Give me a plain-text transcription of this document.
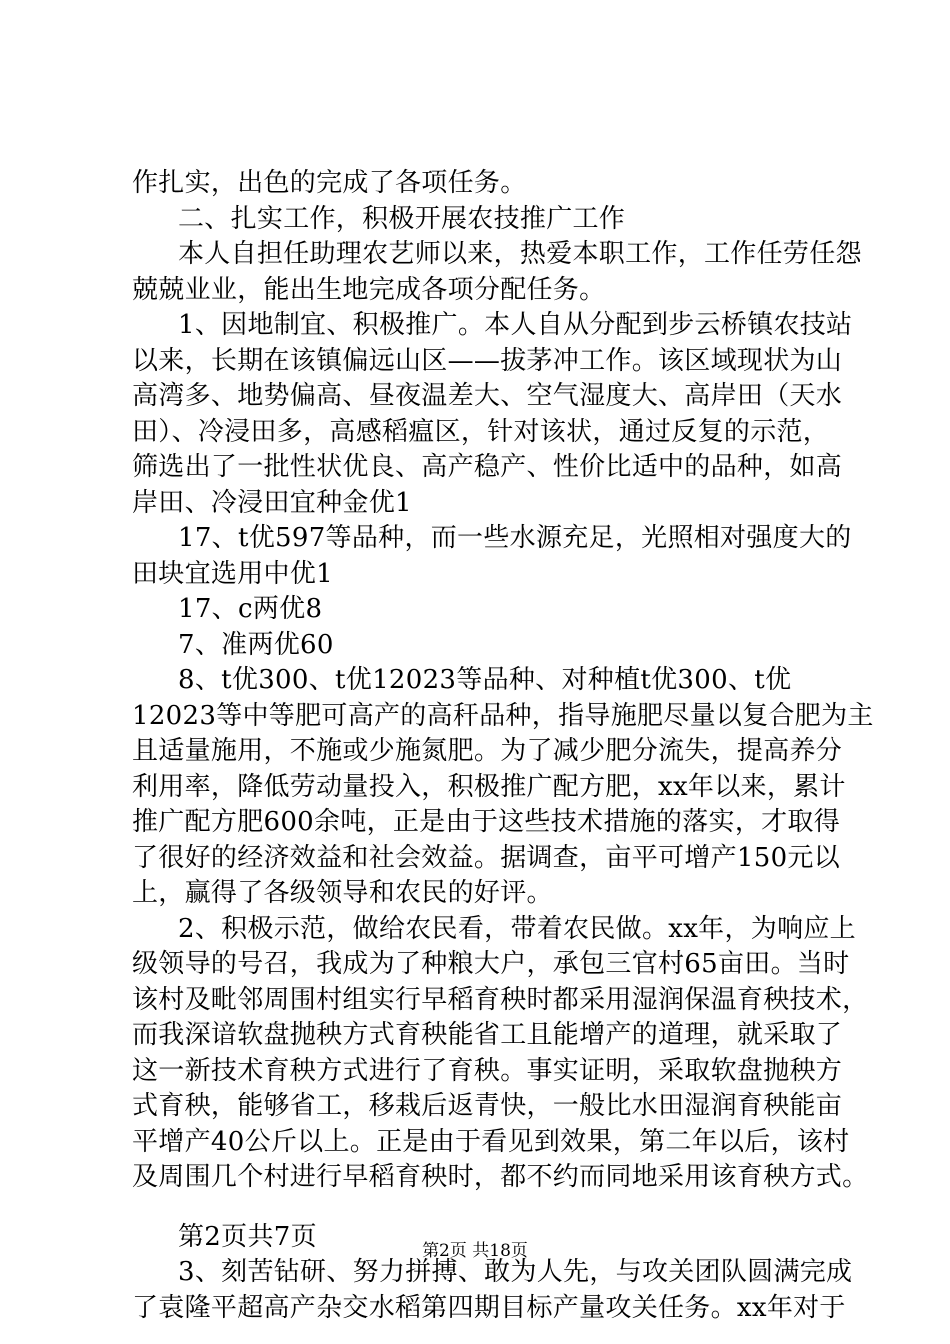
作扎实，出色的完成了各项任务。
二、扎实工作，积极开展农技推广工作
本人自担任助理农艺师以来，热爱本职工作，工作任劳任怨
兢兢业业，能出生地完成各项分配任务。
1、因地制宜、积极推广。本人自从分配到步云桥镇农技站
以来，长期在该镇偏远山区——拔茅冲工作。该区域现状为山
高湾多、地势偏高、昼夜温差大、空气湿度大、高岸田（天水
田）、冷浸田多，高感稻瘟区，针对该状，通过反复的示范，
筛选出了一批性状优良、高产稳产、性价比适中的品种，如高
岸田、冷浸田宜种金优1
17、t优597等品种，而一些水源充足，光照相对强度大的
田块宜选用中优1
17、c两优8
7、准两优60
8、t优300、t优12023等品种、对种植t优300、t优
12023等中等肥可高产的高秆品种，指导施肥尽量以复合肥为主
且适量施用，不施或少施氮肥。为了减少肥分流失，提高养分
利用率，降低劳动量投入，积极推广配方肥，xx年以来，累计
推广配方肥600余吨，正是由于这些技术措施的落实，才取得
了很好的经济效益和社会效益。据调查，亩平可增产150元以
上，赢得了各级领导和农民的好评。
2、积极示范，做给农民看，带着农民做。xx年，为响应上
级领导的号召，我成为了种粮大户，承包三官村65亩田。当时
该村及毗邻周围村组实行早稻育秧时都采用湿润保温育秧技术，
而我深谙软盘抛秧方式育秧能省工且能增产的道理，就采取了
这一新技术育秧方式进行了育秧。事实证明，采取软盘抛秧方
式育秧，能够省工，移栽后返青快，一般比水田湿润育秧能亩
平增产40公斤以上。正是由于看见到效果，第二年以后，该村
及周围几个村进行早稻育秧时，都不约而同地采用该育秧方式。
第2页共7页
3、刻苦钻研、努力拼搏、敢为人先，与攻关团队圆满完成
了袁隆平超高产杂交水稻第四期目标产量攻关任务。xx年对于
第2页 共18页
